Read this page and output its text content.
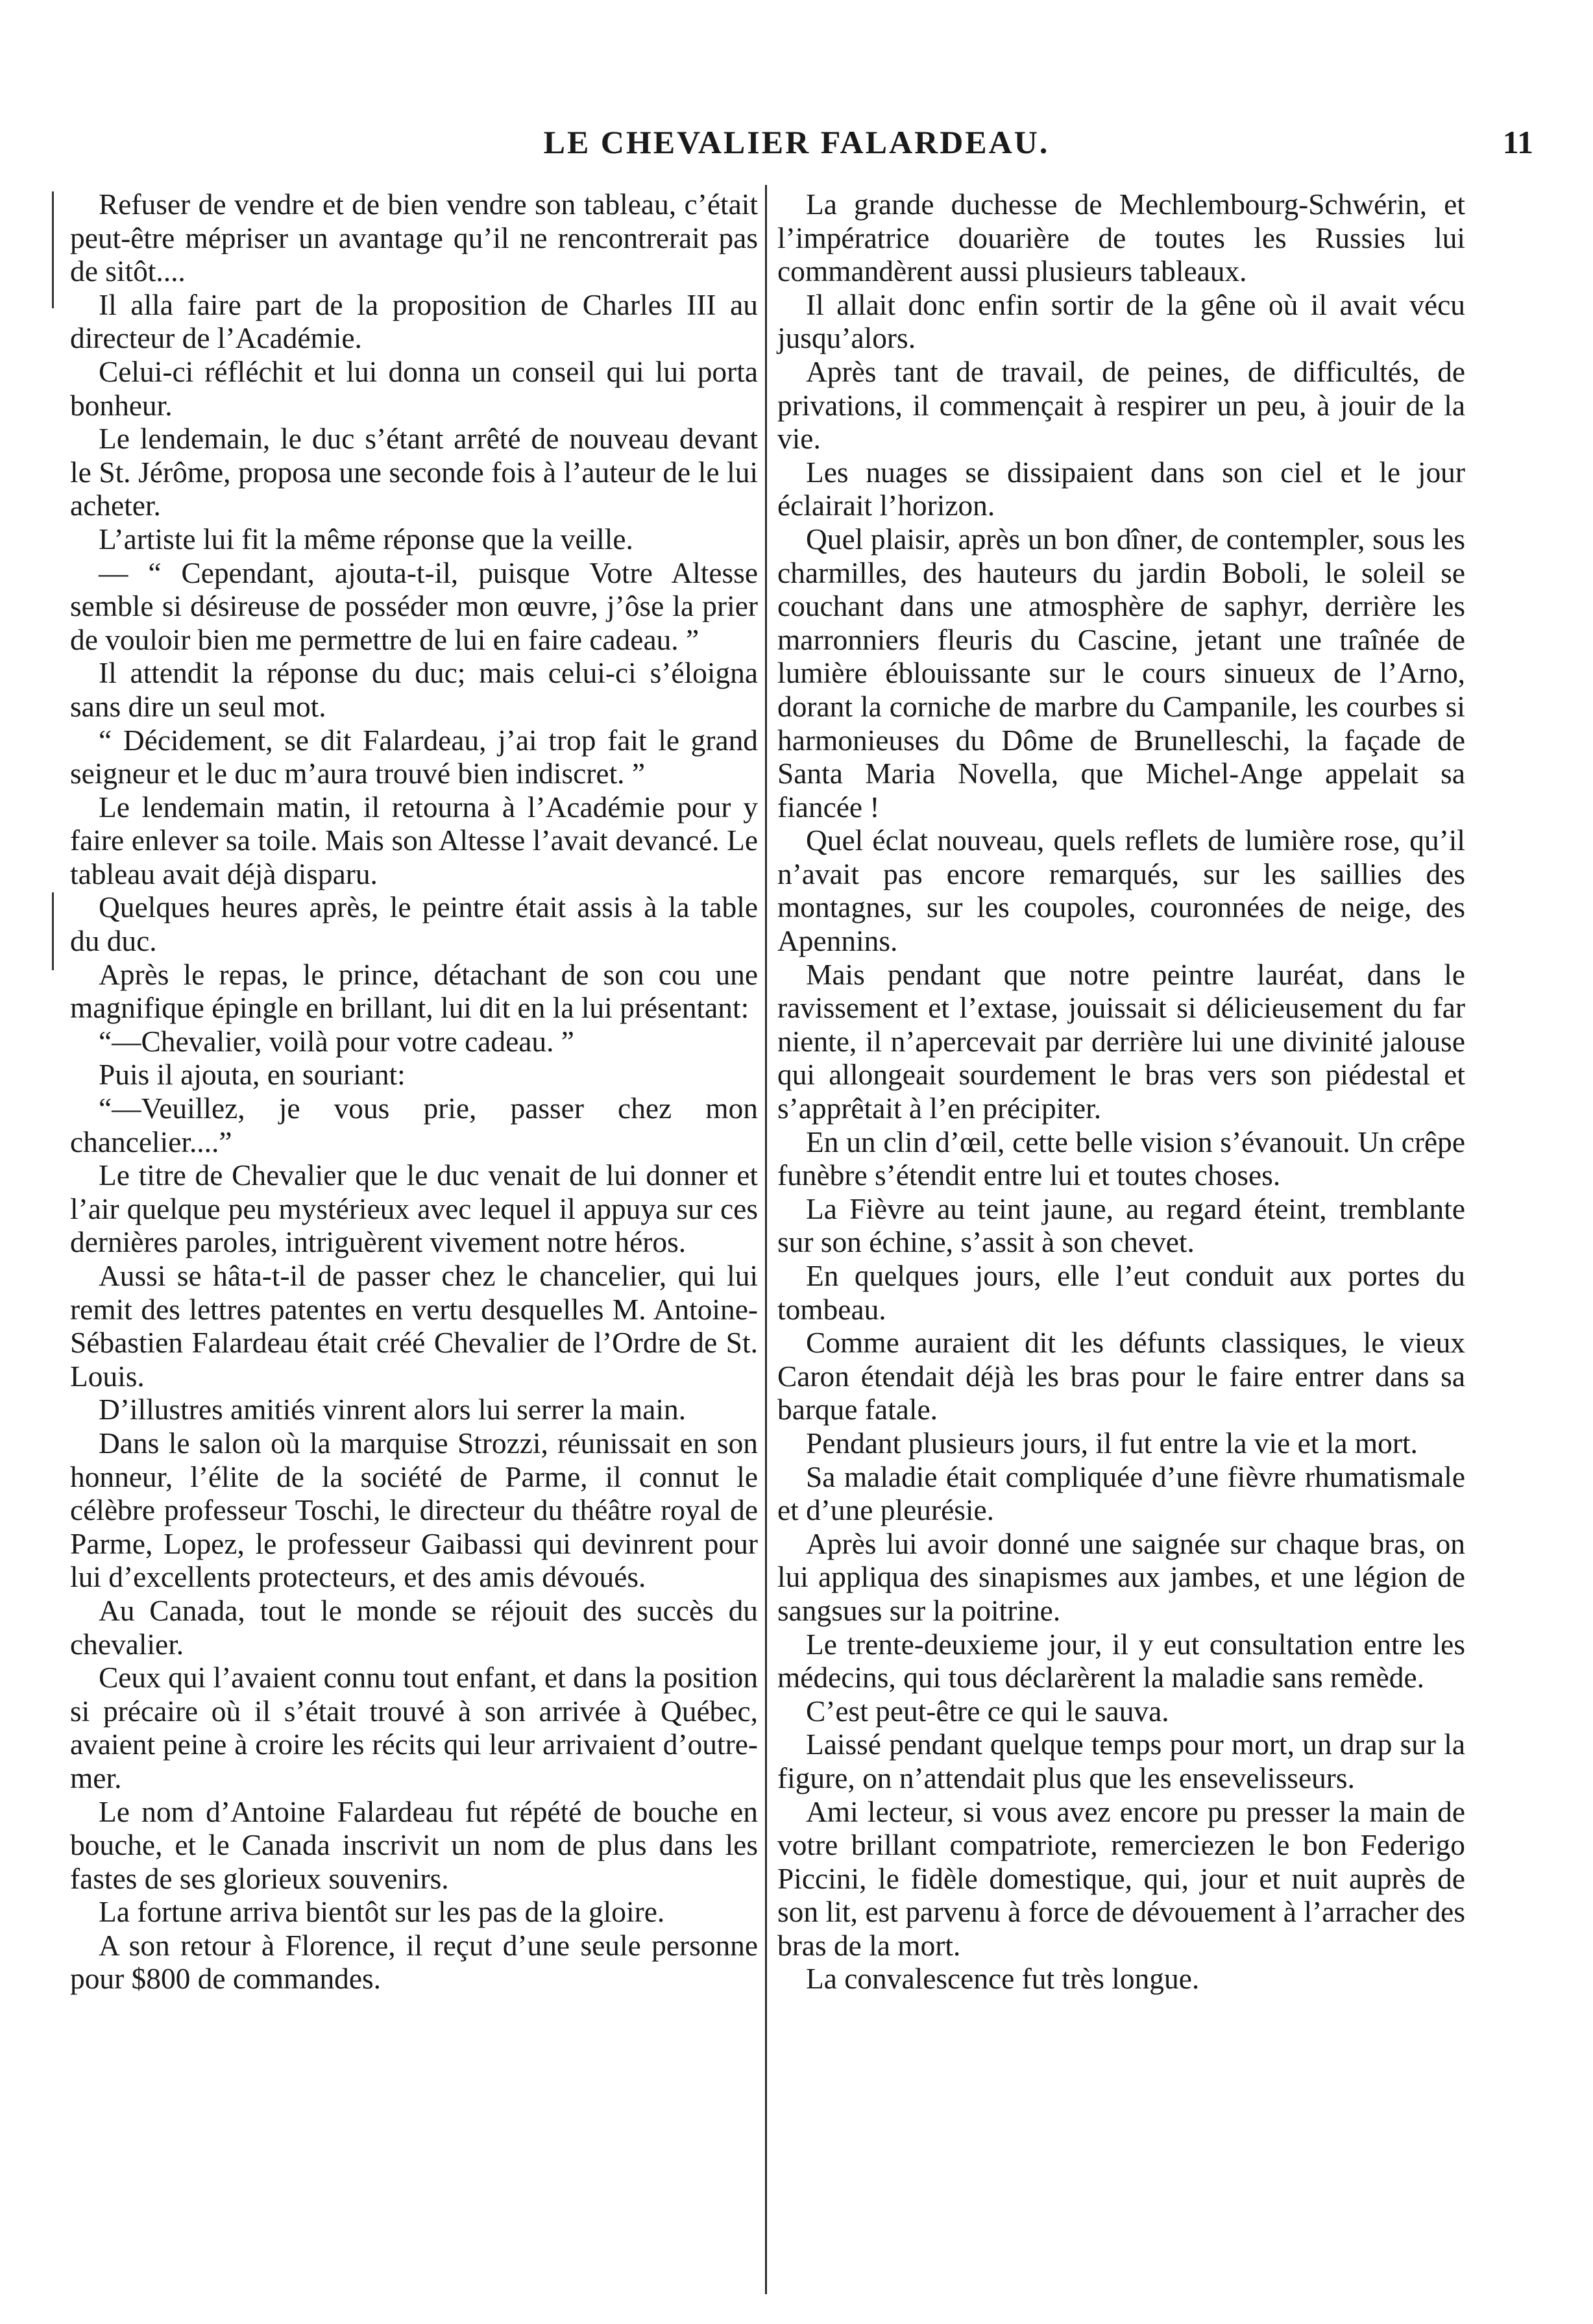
LE CHEVALIER FALARDEAU.	11

Refuser de vendre et de bien vendre son tableau, c’était peut-être mépriser un avantage qu’il ne rencontrerait pas de sitôt....

Il alla faire part de la proposition de Charles III au directeur de l’Académie.

Celui-ci réfléchit et lui donna un conseil qui lui porta bonheur.

Le lendemain, le duc s’étant arrêté de nouveau devant le St. Jérôme, proposa une seconde fois à l’auteur de le lui acheter.

L’artiste lui fit la même réponse que la veille.

— “ Cependant, ajouta-t-il, puisque Votre Altesse semble si désireuse de posséder mon œuvre, j’ôse la prier de vouloir bien me permettre de lui en faire cadeau. ”

Il attendit la réponse du duc; mais celui-ci s’éloigna sans dire un seul mot.

“ Décidement, se dit Falardeau, j’ai trop fait le grand seigneur et le duc m’aura trouvé bien indiscret. ”

Le lendemain matin, il retourna à l’Académie pour y faire enlever sa toile. Mais son Altesse l’avait devancé. Le tableau avait déjà disparu.

Quelques heures après, le peintre était assis à la table du duc.

Après le repas, le prince, détachant de son cou une magnifique épingle en brillant, lui dit en la lui présentant:

“—Chevalier, voilà pour votre cadeau. ”

Puis il ajouta, en souriant:

“—Veuillez, je vous prie, passer chez mon chancelier....”

Le titre de Chevalier que le duc venait de lui donner et l’air quelque peu mystérieux avec lequel il appuya sur ces dernières paroles, intriguèrent vivement notre héros.

Aussi se hâta-t-il de passer chez le chancelier, qui lui remit des lettres patentes en vertu desquelles M. Antoine-Sébastien Falardeau était créé Chevalier de l’Ordre de St. Louis.

D’illustres amitiés vinrent alors lui serrer la main.

Dans le salon où la marquise Strozzi, réunissait en son honneur, l’élite de la société de Parme, il connut le célèbre professeur Toschi, le directeur du théâtre royal de Parme, Lopez, le professeur Gaibassi qui devinrent pour lui d’excellents protecteurs, et des amis dévoués.

Au Canada, tout le monde se réjouit des succès du chevalier.

Ceux qui l’avaient connu tout enfant, et dans la position si précaire où il s’était trouvé à son arrivée à Québec, avaient peine à croire les récits qui leur arrivaient d’outre-mer.

Le nom d’Antoine Falardeau fut répété de bouche en bouche, et le Canada inscrivit un nom de plus dans les fastes de ses glorieux souvenirs.

La fortune arriva bientôt sur les pas de la gloire.

A son retour à Florence, il reçut d’une seule personne pour $800 de commandes.

La grande duchesse de Mechlembourg-Schwérin, et l’impératrice douarière de toutes les Russies lui commandèrent aussi plusieurs tableaux.

Il allait donc enfin sortir de la gêne où il avait vécu jusqu’alors.

Après tant de travail, de peines, de difficultés, de privations, il commençait à respirer un peu, à jouir de la vie.

Les nuages se dissipaient dans son ciel et le jour éclairait l’horizon.

Quel plaisir, après un bon dîner, de contempler, sous les charmilles, des hauteurs du jardin Boboli, le soleil se couchant dans une atmosphère de saphyr, derrière les marronniers fleuris du Cascine, jetant une traînée de lumière éblouissante sur le cours sinueux de l’Arno, dorant la corniche de marbre du Campanile, les courbes si harmonieuses du Dôme de Brunelleschi, la façade de Santa Maria Novella, que Michel-Ange appelait sa fiancée !

Quel éclat nouveau, quels reflets de lumière rose, qu’il n’avait pas encore remarqués, sur les saillies des montagnes, sur les coupoles, couronnées de neige, des Apennins.

Mais pendant que notre peintre lauréat, dans le ravissement et l’extase, jouissait si délicieusement du far niente, il n’apercevait par derrière lui une divinité jalouse qui allongeait sourdement le bras vers son piédestal et s’apprêtait à l’en précipiter.

En un clin d’œil, cette belle vision s’évanouit. Un crêpe funèbre s’étendit entre lui et toutes choses.

La Fièvre au teint jaune, au regard éteint, tremblante sur son échine, s’assit à son chevet.

En quelques jours, elle l’eut conduit aux portes du tombeau.

Comme auraient dit les défunts classiques, le vieux Caron étendait déjà les bras pour le faire entrer dans sa barque fatale.

Pendant plusieurs jours, il fut entre la vie et la mort.

Sa maladie était compliquée d’une fièvre rhumatismale et d’une pleurésie.

Après lui avoir donné une saignée sur chaque bras, on lui appliqua des sinapismes aux jambes, et une légion de sangsues sur la poitrine.

Le trente-deuxieme jour, il y eut consultation entre les médecins, qui tous déclarèrent la maladie sans remède.

C’est peut-être ce qui le sauva.

Laissé pendant quelque temps pour mort, un drap sur la figure, on n’attendait plus que les ensevelisseurs.

Ami lecteur, si vous avez encore pu presser la main de votre brillant compatriote, remerciezen le bon Federigo Piccini, le fidèle domestique, qui, jour et nuit auprès de son lit, est parvenu à force de dévouement à l’arracher des bras de la mort.

La convalescence fut très longue.
